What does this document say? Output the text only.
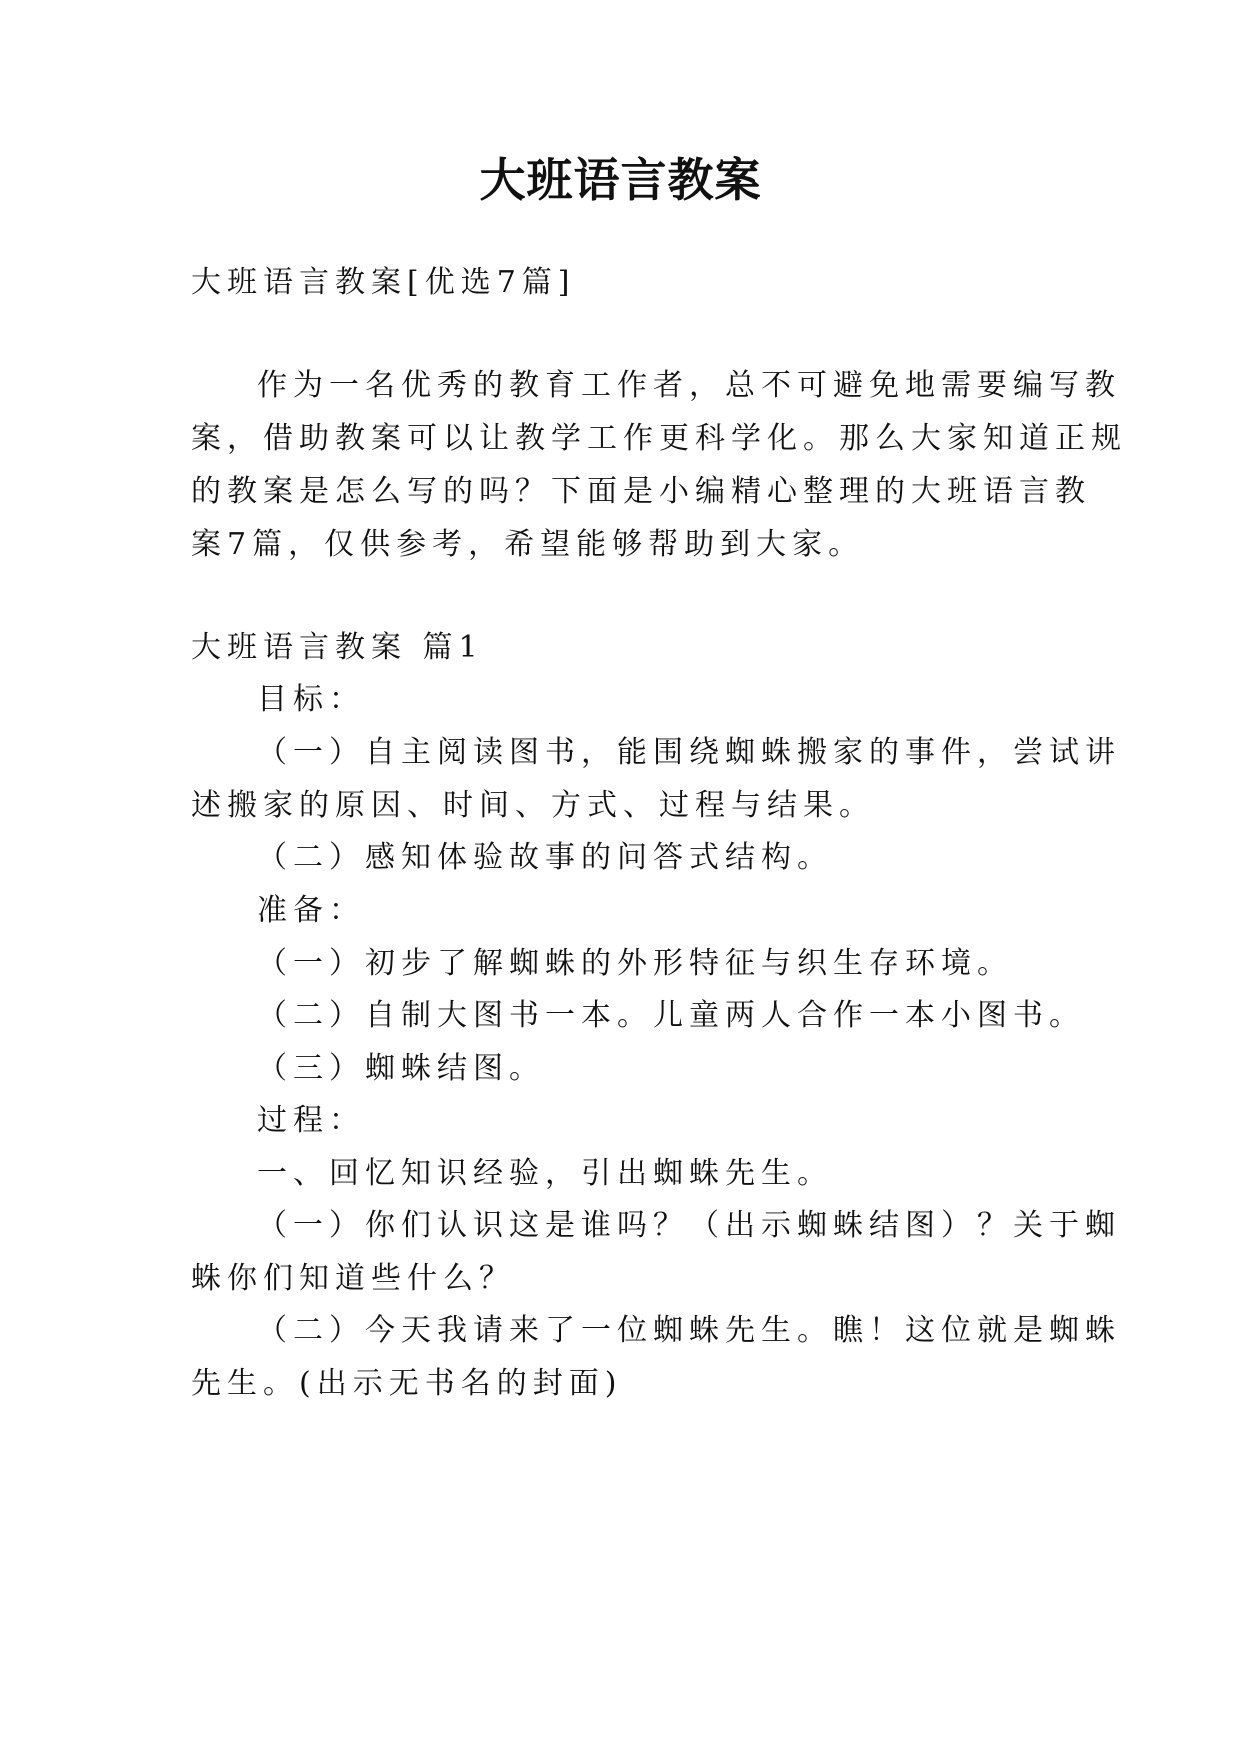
大班语言教案

大班语言教案[优选7篇]

作为一名优秀的教育工作者，总不可避免地需要编写教

案，借助教案可以让教学工作更科学化。那么大家知道正规

的教案是怎么写的吗？下面是小编精心整理的大班语言教

案7篇，仅供参考，希望能够帮助到大家。

大班语言教案 篇1

目标：

（一）自主阅读图书，能围绕蜘蛛搬家的事件，尝试讲

述搬家的原因、时间、方式、过程与结果。

（二）感知体验故事的问答式结构。

准备：

（一）初步了解蜘蛛的外形特征与织生存环境。

（二）自制大图书一本。儿童两人合作一本小图书。

（三）蜘蛛结图。

过程：

一、回忆知识经验，引出蜘蛛先生。

（一）你们认识这是谁吗？（出示蜘蛛结图）？关于蜘

蛛你们知道些什么？

（二）今天我请来了一位蜘蛛先生。瞧！这位就是蜘蛛

先生。(出示无书名的封面)
